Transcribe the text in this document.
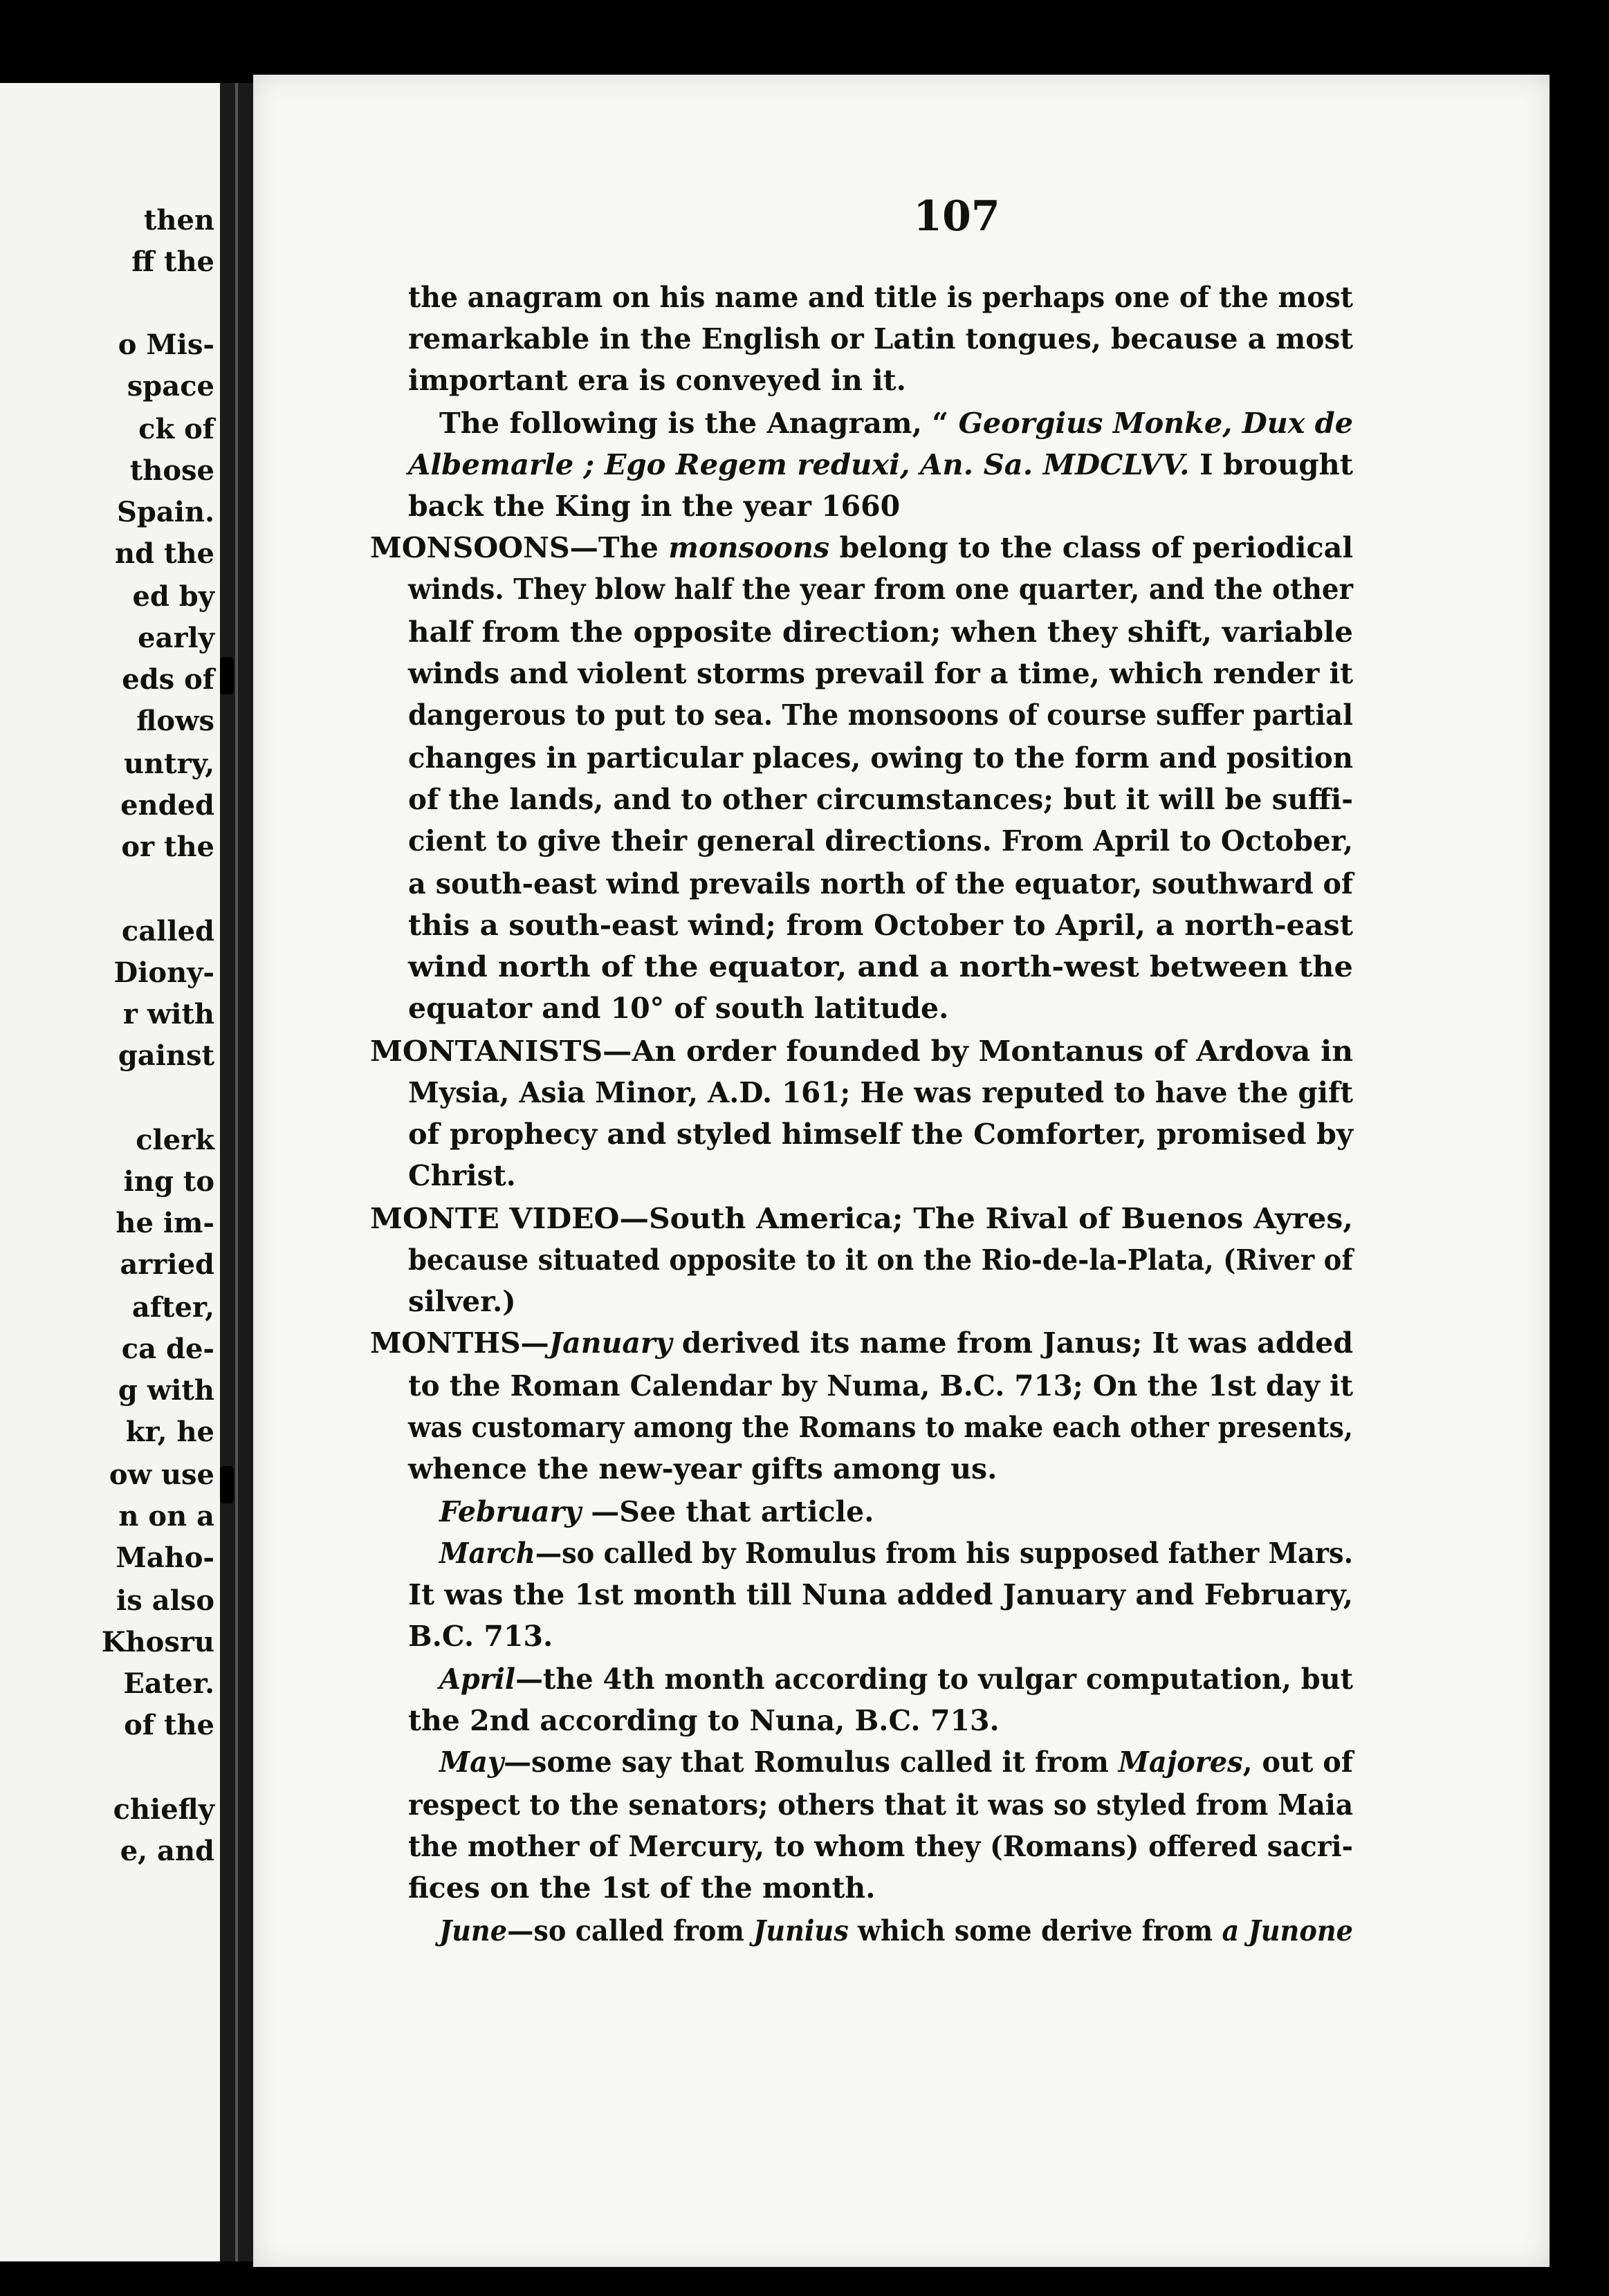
then
ff the
o Mis-
space
ck of
those
Spain.
nd the
ed by
early
eds of
flows
untry,
ended
or the
called
Diony-
r with
gainst
clerk
ing to
he im-
arried
after,
ca de-
g with
kr, he
ow use
n on a
Maho-
is also
Khosru
Eater.
of the
chiefly
e, and
107
the anagram on his name and title is perhaps one of the most
remarkable in the English or Latin tongues, because a most
important era is conveyed in it.
The following is the Anagram, “ Georgius Monke, Dux de
Albemarle ; Ego Regem reduxi, An. Sa. MDCLVV. I brought
back the King in the year 1660
MONSOONS—The monsoons belong to the class of periodical
winds. They blow half the year from one quarter, and the other
half from the opposite direction; when they shift, variable
winds and violent storms prevail for a time, which render it
dangerous to put to sea. The monsoons of course suffer partial
changes in particular places, owing to the form and position
of the lands, and to other circumstances; but it will be suffi-
cient to give their general directions. From April to October,
a south-east wind prevails north of the equator, southward of
this a south-east wind; from October to April, a north-east
wind north of the equator, and a north-west between the
equator and 10° of south latitude.
MONTANISTS—An order founded by Montanus of Ardova in
Mysia, Asia Minor, A.D. 161; He was reputed to have the gift
of prophecy and styled himself the Comforter, promised by
Christ.
MONTE VIDEO—South America; The Rival of Buenos Ayres,
because situated opposite to it on the Rio-de-la-Plata, (River of
silver.)
MONTHS—January derived its name from Janus; It was added
to the Roman Calendar by Numa, B.C. 713; On the 1st day it
was customary among the Romans to make each other presents,
whence the new-year gifts among us.
February —See that article.
March—so called by Romulus from his supposed father Mars.
It was the 1st month till Nuna added January and February,
B.C. 713.
April—the 4th month according to vulgar computation, but
the 2nd according to Nuna, B.C. 713.
May—some say that Romulus called it from Majores, out of
respect to the senators; others that it was so styled from Maia
the mother of Mercury, to whom they (Romans) offered sacri-
fices on the 1st of the month.
June—so called from Junius which some derive from a Junone
